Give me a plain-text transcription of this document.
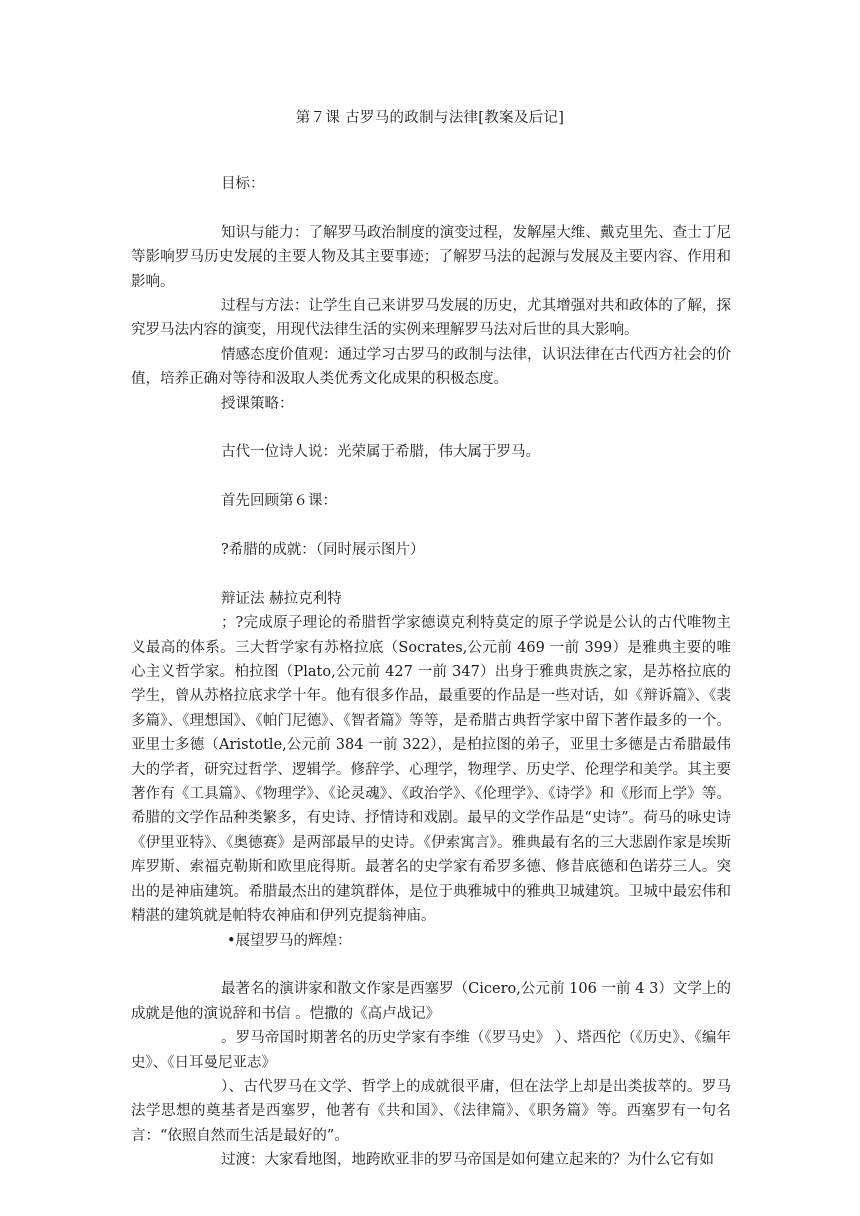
第７课 古罗马的政制与法律[教案及后记]

目标：

知识与能力：了解罗马政治制度的演变过程，发解屋大维、戴克里先、查士丁尼等影响罗马历史发展的主要人物及其主要事迹；了解罗马法的起源与发展及主要内容、作用和影响。

过程与方法：让学生自己来讲罗马发展的历史，尤其增强对共和政体的了解，探究罗马法内容的演变，用现代法律生活的实例来理解罗马法对后世的具大影响。

情感态度价值观：通过学习古罗马的政制与法律，认识法律在古代西方社会的价值，培养正确对等待和汲取人类优秀文化成果的积极态度。

授课策略：

古代一位诗人说：光荣属于希腊，伟大属于罗马。

首先回顾第６课：

?希腊的成就：（同时展示图片）

辩证法 赫拉克利特

；?完成原子理论的希腊哲学家德谟克利特莫定的原子学说是公认的古代唯物主义最高的体系。三大哲学家有苏格拉底（Socrates,公元前 469 一前 399）是雅典主要的唯心主义哲学家。柏拉图（Plato,公元前 427 一前 347）出身于雅典贵族之家，是苏格拉底的学生，曾从苏格拉底求学十年。他有很多作品，最重要的作品是一些对话，如《辩诉篇》、《裴多篇》、《理想国》、《帕门尼德》、《智者篇》等等，是希腊古典哲学家中留下著作最多的一个。亚里士多德（Aristotle,公元前 384 一前 322），是柏拉图的弟子，亚里士多德是古希腊最伟大的学者，研究过哲学、逻辑学。修辞学、心理学，物理学、历史学、伦理学和美学。其主要著作有《工具篇》、《物理学》、《论灵魂》、《政治学》、《伦理学》、《诗学》和《形而上学》等。希腊的文学作品种类繁多，有史诗、抒情诗和戏剧。最早的文学作品是“史诗”。荷马的咏史诗《伊里亚特》、《奥德赛》是两部最早的史诗。《伊索寓言》。雅典最有名的三大悲剧作家是埃斯库罗斯、索福克勒斯和欧里庇得斯。最著名的史学家有希罗多德、修昔底德和色诺芬三人。突出的是神庙建筑。希腊最杰出的建筑群体，是位于典雅城中的雅典卫城建筑。卫城中最宏伟和精湛的建筑就是帕特农神庙和伊列克提翁神庙。

•展望罗马的辉煌：

最著名的演讲家和散文作家是西塞罗（Cicero,公元前 106 一前 4 3）文学上的成就是他的演说辞和书信 。恺撒的《高卢战记》

。罗马帝国时期著名的历史学家有李维（《罗马史》 ）、塔西佗（《历史》、《编年史》、《日耳曼尼亚志》

）、古代罗马在文学、哲学上的成就很平庸，但在法学上却是出类拔萃的。罗马法学思想的奠基者是西塞罗，他著有《共和国》、《法律篇》、《职务篇》等。西塞罗有一句名言：“依照自然而生活是最好的”。

过渡：大家看地图，地跨欧亚非的罗马帝国是如何建立起来的？为什么它有如
